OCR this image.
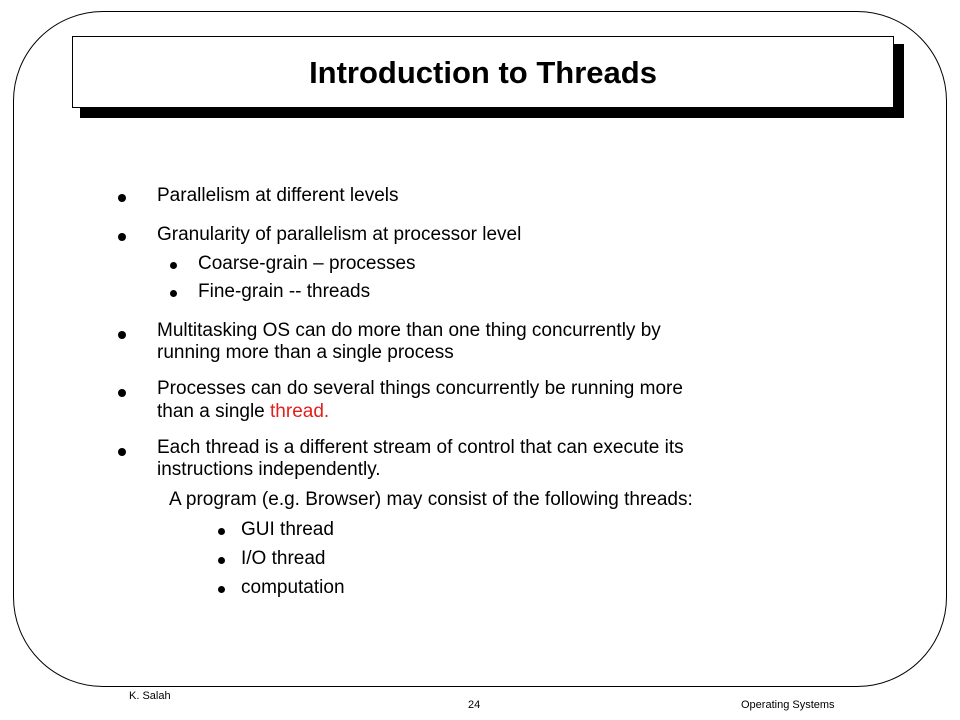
Introduction to Threads
Parallelism at different levels
Granularity of parallelism at processor level
Coarse-grain – processes
Fine-grain -- threads
Multitasking OS can do more than one thing concurrently by
running more than a single process
Processes can do several things concurrently be running more
than a single thread.
Each thread is a different stream of control that can execute its
instructions independently.
A program (e.g. Browser) may consist of the following threads:
GUI thread
I/O thread
computation
K. Salah
24	Operating Systems
